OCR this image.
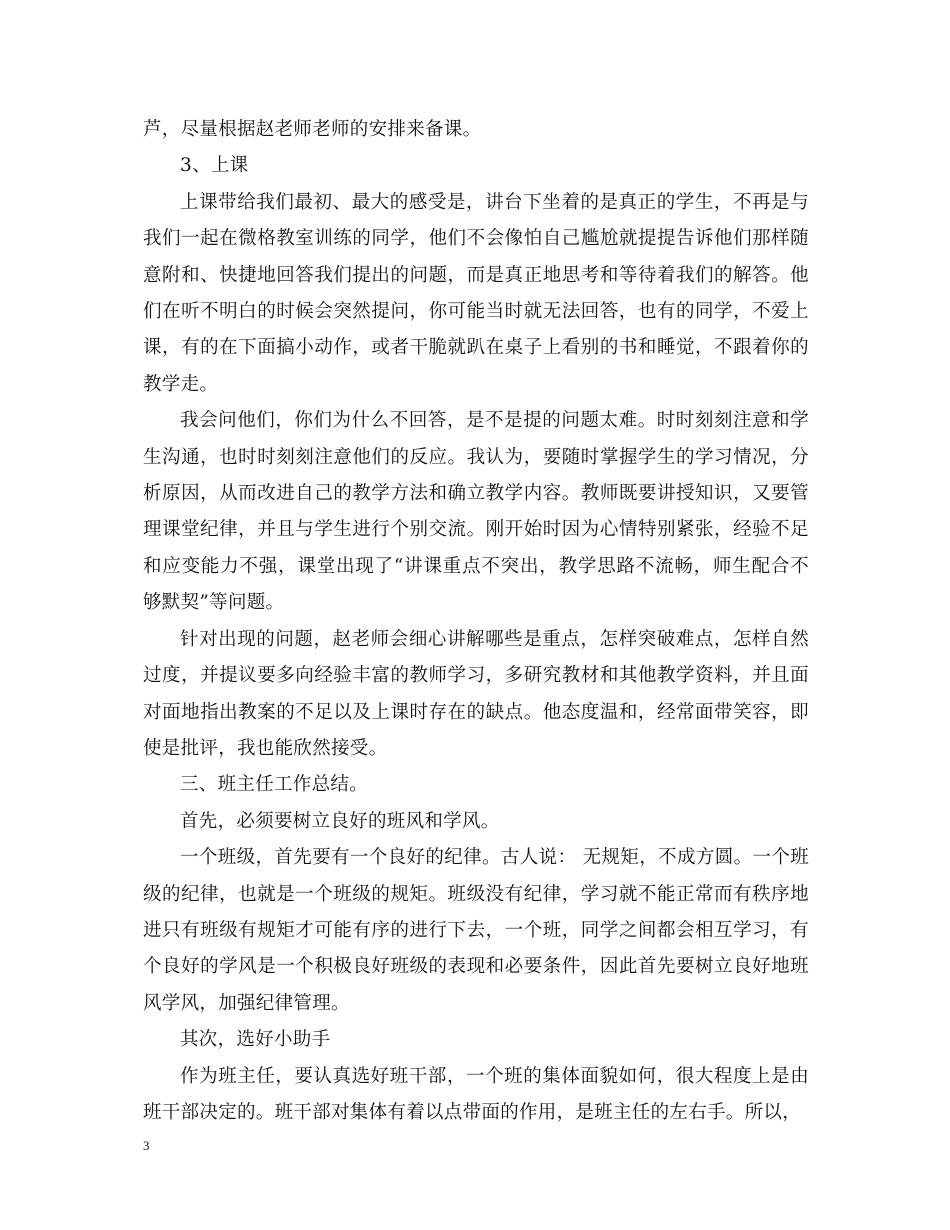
芦，尽量根据赵老师老师的安排来备课。

3、上课

上课带给我们最初、最大的感受是，讲台下坐着的是真正的学生，不再是与我们一起在微格教室训练的同学，他们不会像怕自己尴尬就提提告诉他们那样随意附和、快捷地回答我们提出的问题，而是真正地思考和等待着我们的解答。他们在听不明白的时候会突然提问，你可能当时就无法回答，也有的同学，不爱上课，有的在下面搞小动作，或者干脆就趴在桌子上看别的书和睡觉，不跟着你的教学走。

我会问他们，你们为什么不回答，是不是提的问题太难。时时刻刻注意和学生沟通，也时时刻刻注意他们的反应。我认为，要随时掌握学生的学习情况，分析原因，从而改进自己的教学方法和确立教学内容。教师既要讲授知识，又要管理课堂纪律，并且与学生进行个别交流。刚开始时因为心情特别紧张，经验不足和应变能力不强，课堂出现了“讲课重点不突出，教学思路不流畅，师生配合不够默契”等问题。

针对出现的问题，赵老师会细心讲解哪些是重点，怎样突破难点，怎样自然过度，并提议要多向经验丰富的教师学习，多研究教材和其他教学资料，并且面对面地指出教案的不足以及上课时存在的缺点。他态度温和，经常面带笑容，即使是批评，我也能欣然接受。

三、班主任工作总结。

首先，必须要树立良好的班风和学风。

一个班级，首先要有一个良好的纪律。古人说： 无规矩，不成方圆。一个班级的纪律，也就是一个班级的规矩。班级没有纪律，学习就不能正常而有秩序地进只有班级有规矩才可能有序的进行下去，一个班，同学之间都会相互学习，有个良好的学风是一个积极良好班级的表现和必要条件，因此首先要树立良好地班风学风，加强纪律管理。

其次，选好小助手

作为班主任，要认真选好班干部，一个班的集体面貌如何，很大程度上是由班干部决定的。班干部对集体有着以点带面的作用，是班主任的左右手。所以，

3
